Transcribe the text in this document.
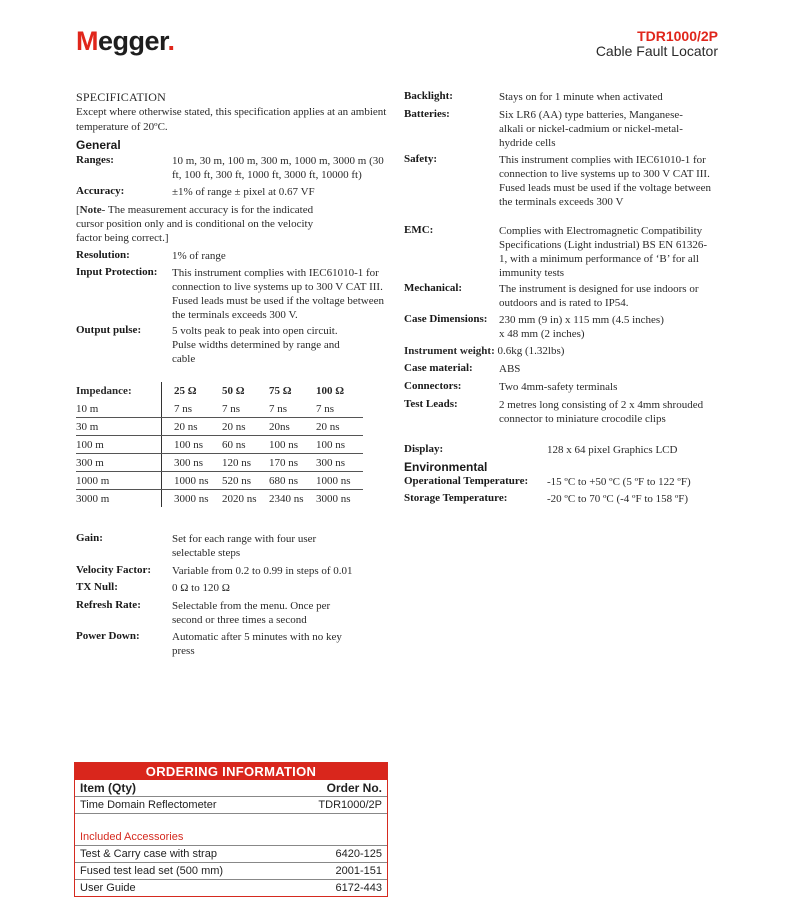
Megger.	TDR1000/2P
Cable Fault Locator
SPECIFICATION
Except where otherwise stated, this specification applies at an ambient temperature of 20ºC.
General
Ranges:	10 m, 30 m, 100 m, 300 m, 1000 m, 3000 m (30 ft, 100 ft, 300 ft, 1000 ft, 3000 ft, 10000 ft)
Accuracy:	±1% of range ± pixel at 0.67 VF
[Note- The measurement accuracy is for the indicated cursor position only and is conditional on the velocity factor being correct.]
Resolution:	1% of range
Input Protection: This instrument complies with IEC61010-1 for connection to live systems up to 300 V CAT III. Fused leads must be used if the voltage between the terminals exceeds 300 V.
Output pulse:	5 volts peak to peak into open circuit. Pulse widths determined by range and cable
Impedance:	25 Ω	50 Ω	75 Ω	100 Ω
10 m	7 ns	7 ns	7 ns	7 ns
30 m	20 ns	20 ns	20ns	20 ns
100 m	100 ns	60 ns	100 ns	100 ns
300 m	300 ns	120 ns	170 ns	300 ns
1000 m	1000 ns	520 ns	680 ns	1000 ns
3000 m	3000 ns	2020 ns	2340 ns	3000 ns
Gain:	Set for each range with four user selectable steps
Velocity Factor: Variable from 0.2 to 0.99 in steps of 0.01
TX Null:	0 Ω to 120 Ω
Refresh Rate:	Selectable from the menu. Once per second or three times a second
Power Down:	Automatic after 5 minutes with no key press
Backlight:	Stays on for 1 minute when activated
Batteries:	Six LR6 (AA) type batteries, Manganese-alkali or nickel-cadmium or nickel-metal-hydride cells
Safety:	This instrument complies with IEC61010-1 for connection to live systems up to 300 V CAT III. Fused leads must be used if the voltage between the terminals exceeds 300 V
EMC:	Complies with Electromagnetic Compatibility Specifications (Light industrial) BS EN 61326-1, with a minimum performance of ‘B’ for all immunity tests
Mechanical:	The instrument is designed for use indoors or outdoors and is rated to IP54.
Case Dimensions: 230 mm (9 in) x 115 mm (4.5 inches) x 48 mm (2 inches)
Instrument weight: 0.6kg (1.32lbs)
Case material: ABS
Connectors:	Two 4mm-safety terminals
Test Leads:	2 metres long consisting of 2 x 4mm shrouded connector to miniature crocodile clips
Display:	128 x 64 pixel Graphics LCD
Environmental
Operational Temperature: -15 ºC to +50 ºC (5 ºF to 122 ºF)
Storage Temperature:	-20 ºC to 70 ºC (-4 ºF to 158 ºF)
ORDERING INFORMATION
Item (Qty)	Order No.
Time Domain Reflectometer	TDR1000/2P
Included Accessories
Test & Carry case with strap	6420-125
Fused test lead set (500 mm)	2001-151
User Guide	6172-443
